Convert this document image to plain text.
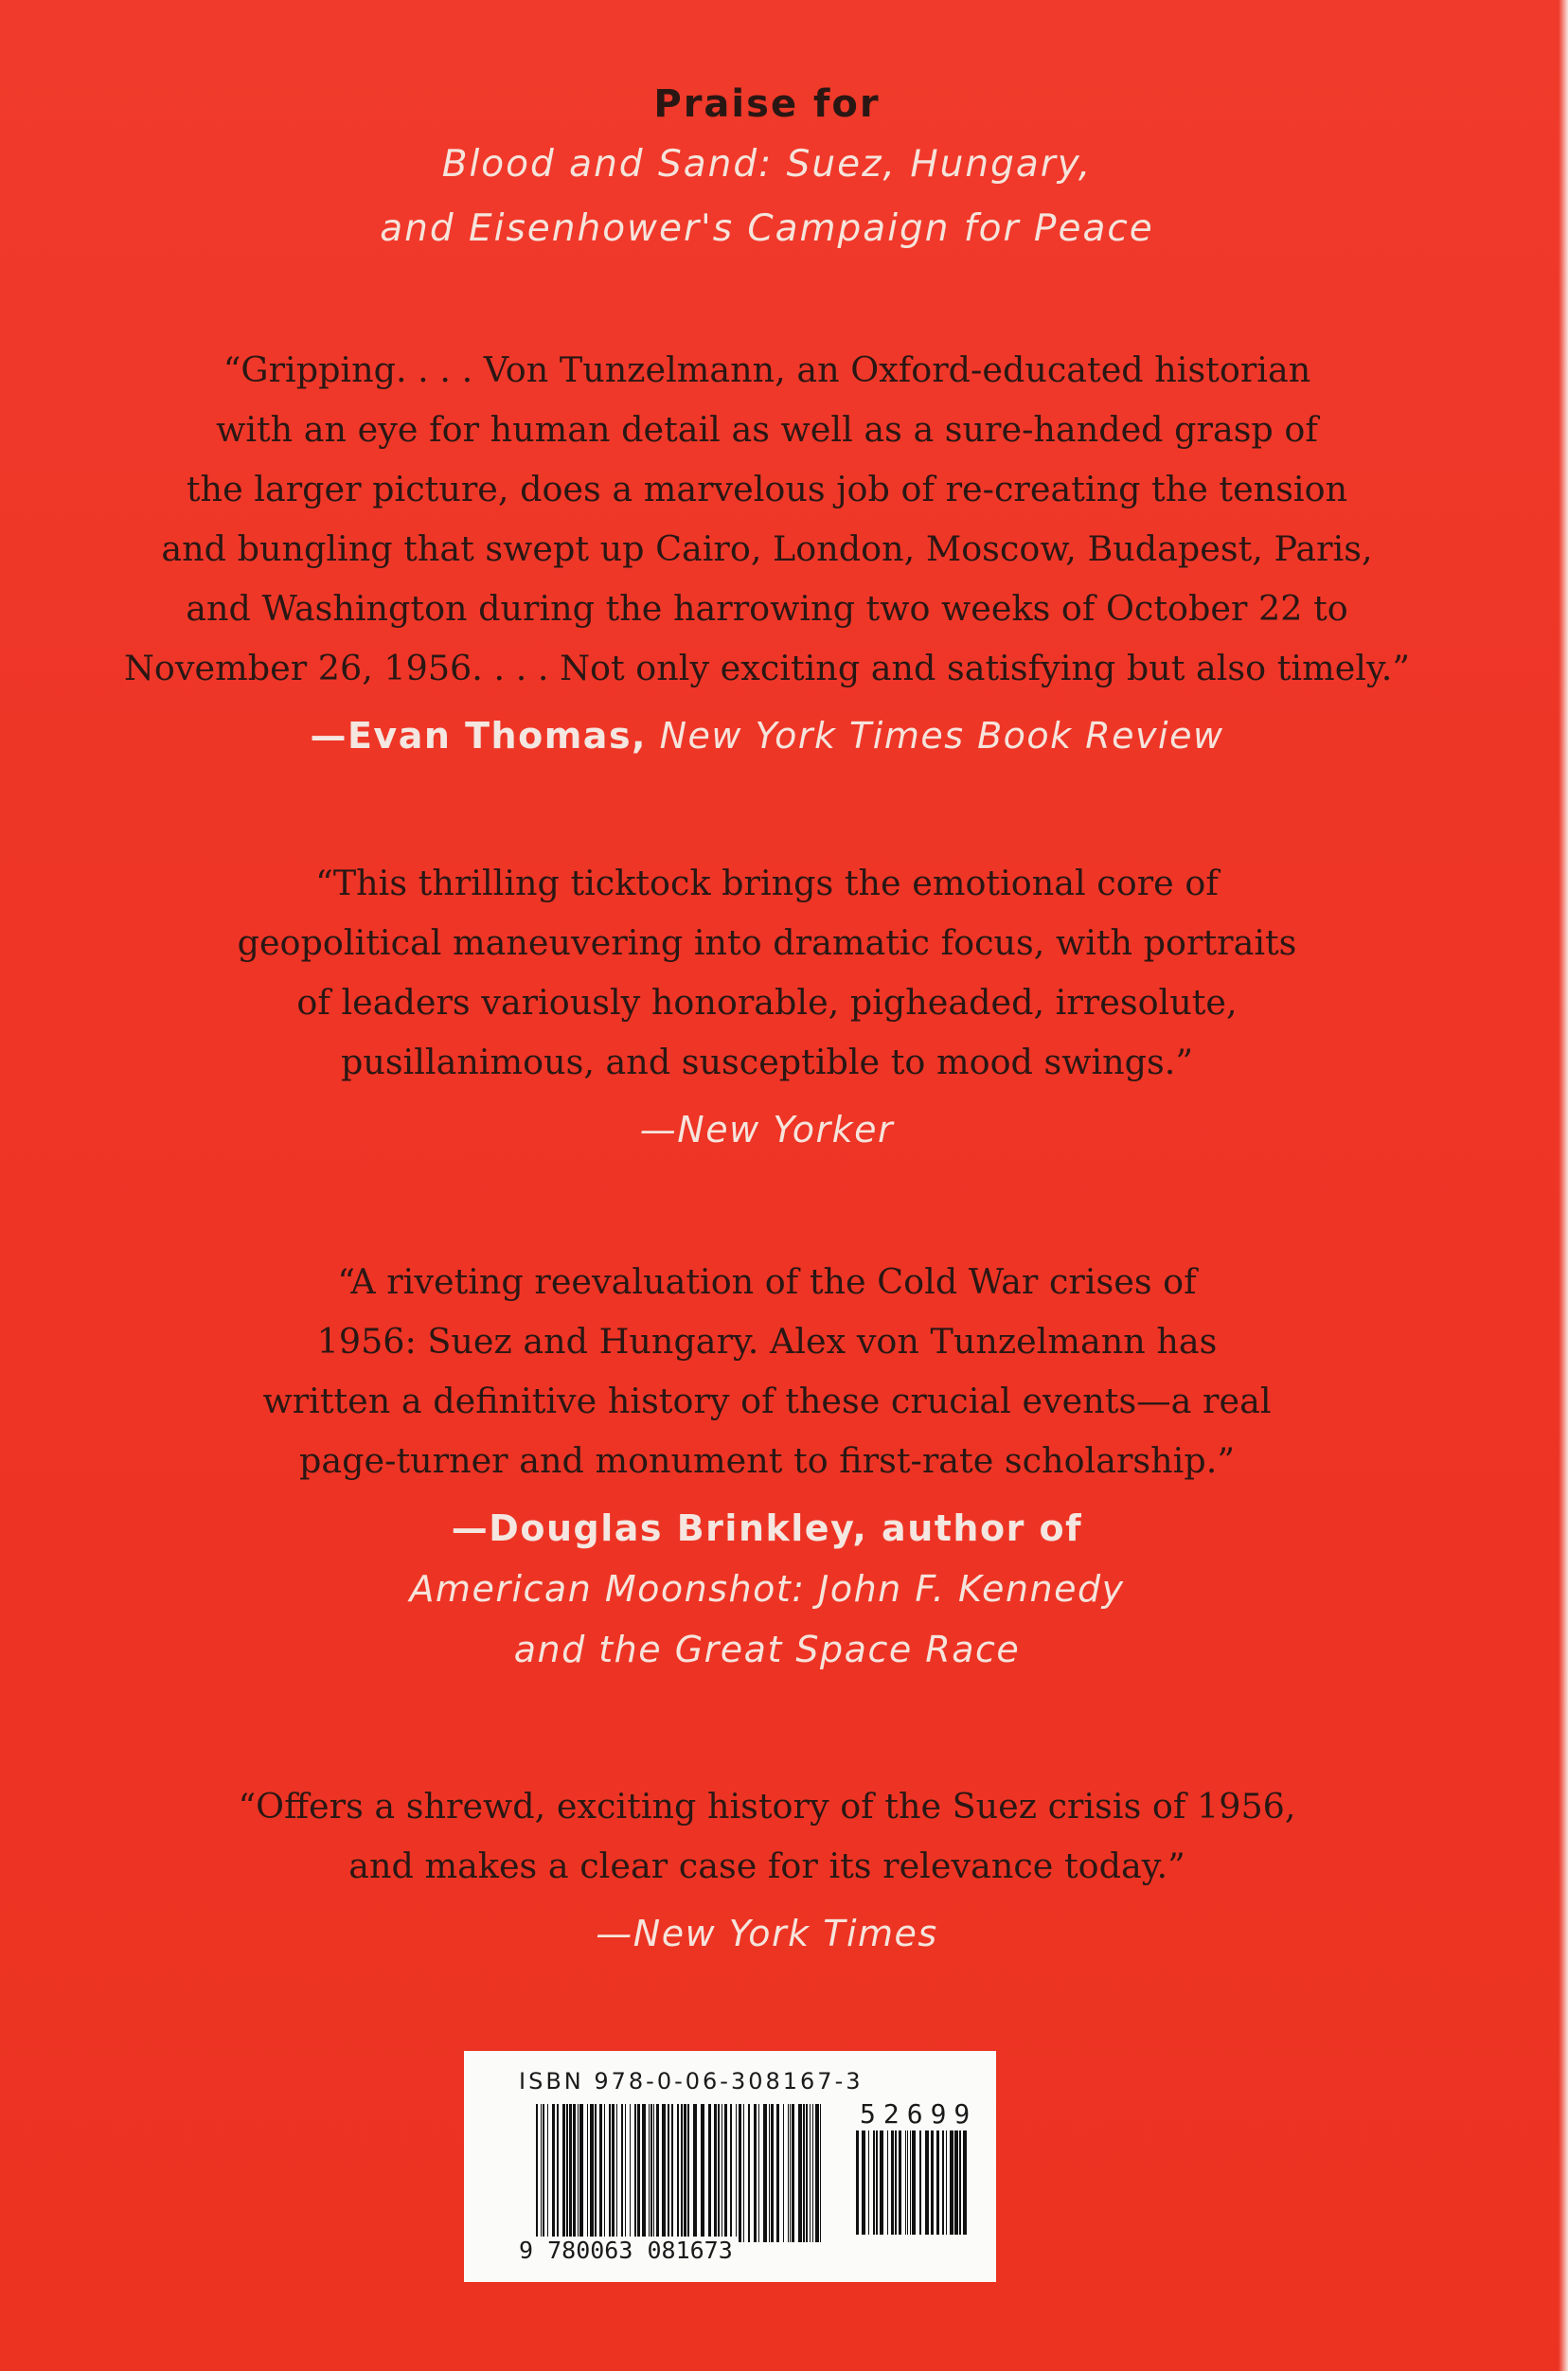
Praise for
Blood and Sand: Suez, Hungary,
and Eisenhower's Campaign for Peace
“Gripping. . . . Von Tunzelmann, an Oxford-educated historian
with an eye for human detail as well as a sure-handed grasp of
the larger picture, does a marvelous job of re-creating the tension
and bungling that swept up Cairo, London, Moscow, Budapest, Paris,
and Washington during the harrowing two weeks of October 22 to
November 26, 1956. . . . Not only exciting and satisfying but also timely.”
—Evan Thomas, New York Times Book Review
“This thrilling ticktock brings the emotional core of
geopolitical maneuvering into dramatic focus, with portraits
of leaders variously honorable, pigheaded, irresolute,
pusillanimous, and susceptible to mood swings.”
—New Yorker
“A riveting reevaluation of the Cold War crises of
1956: Suez and Hungary. Alex von Tunzelmann has
written a definitive history of these crucial events—a real
page-turner and monument to first-rate scholarship.”
—Douglas Brinkley, author of
American Moonshot: John F. Kennedy
and the Great Space Race
“Offers a shrewd, exciting history of the Suez crisis of 1956,
and makes a clear case for its relevance today.”
—New York Times
ISBN 978-0-06-308167-3
52699
9 780063 081673
